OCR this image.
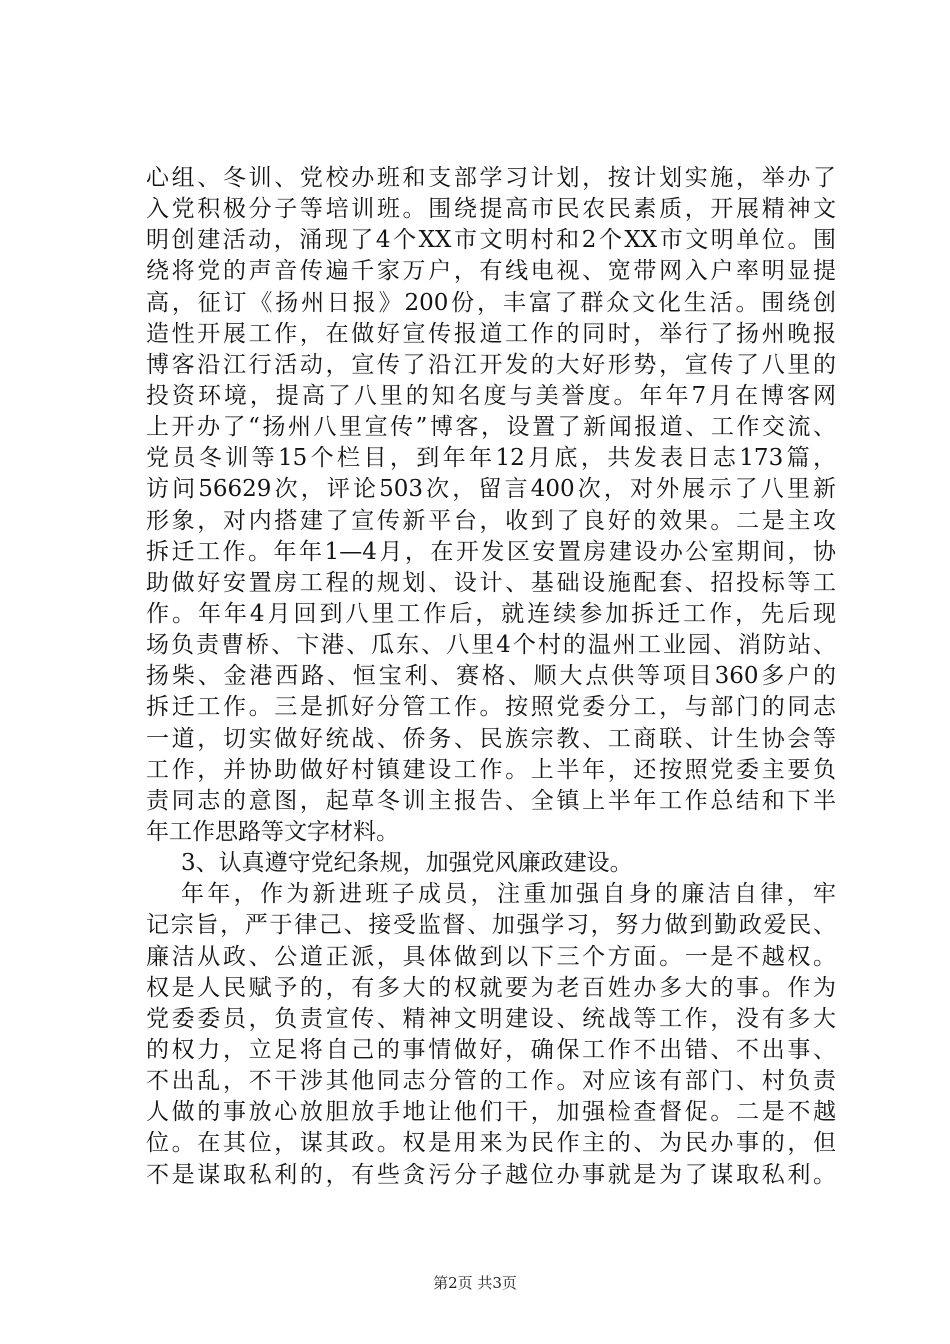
心组、冬训、党校办班和支部学习计划，按计划实施，举办了
入党积极分子等培训班。围绕提高市民农民素质，开展精神文
明创建活动，涌现了4个XX市文明村和2个XX市文明单位。围
绕将党的声音传遍千家万户，有线电视、宽带网入户率明显提
高，征订《扬州日报》200份，丰富了群众文化生活。围绕创
造性开展工作，在做好宣传报道工作的同时，举行了扬州晚报
博客沿江行活动，宣传了沿江开发的大好形势，宣传了八里的
投资环境，提高了八里的知名度与美誉度。年年7月在博客网
上开办了“扬州八里宣传”博客，设置了新闻报道、工作交流、
党员冬训等15个栏目，到年年12月底，共发表日志173篇，
访问56629次，评论503次，留言400次，对外展示了八里新
形象，对内搭建了宣传新平台，收到了良好的效果。二是主攻
拆迁工作。年年1—4月，在开发区安置房建设办公室期间，协
助做好安置房工程的规划、设计、基础设施配套、招投标等工
作。年年4月回到八里工作后，就连续参加拆迁工作，先后现
场负责曹桥、卞港、瓜东、八里4个村的温州工业园、消防站、
扬柴、金港西路、恒宝利、赛格、顺大点供等项目360多户的
拆迁工作。三是抓好分管工作。按照党委分工，与部门的同志
一道，切实做好统战、侨务、民族宗教、工商联、计生协会等
工作，并协助做好村镇建设工作。上半年，还按照党委主要负
责同志的意图，起草冬训主报告、全镇上半年工作总结和下半
年工作思路等文字材料。
3、认真遵守党纪条规，加强党风廉政建设。
年年，作为新进班子成员，注重加强自身的廉洁自律，牢
记宗旨，严于律己、接受监督、加强学习，努力做到勤政爱民、
廉洁从政、公道正派，具体做到以下三个方面。一是不越权。
权是人民赋予的，有多大的权就要为老百姓办多大的事。作为
党委委员，负责宣传、精神文明建设、统战等工作，没有多大
的权力，立足将自己的事情做好，确保工作不出错、不出事、
不出乱，不干涉其他同志分管的工作。对应该有部门、村负责
人做的事放心放胆放手地让他们干，加强检查督促。二是不越
位。在其位，谋其政。权是用来为民作主的、为民办事的，但
不是谋取私利的，有些贪污分子越位办事就是为了谋取私利。
第2页 共3页
